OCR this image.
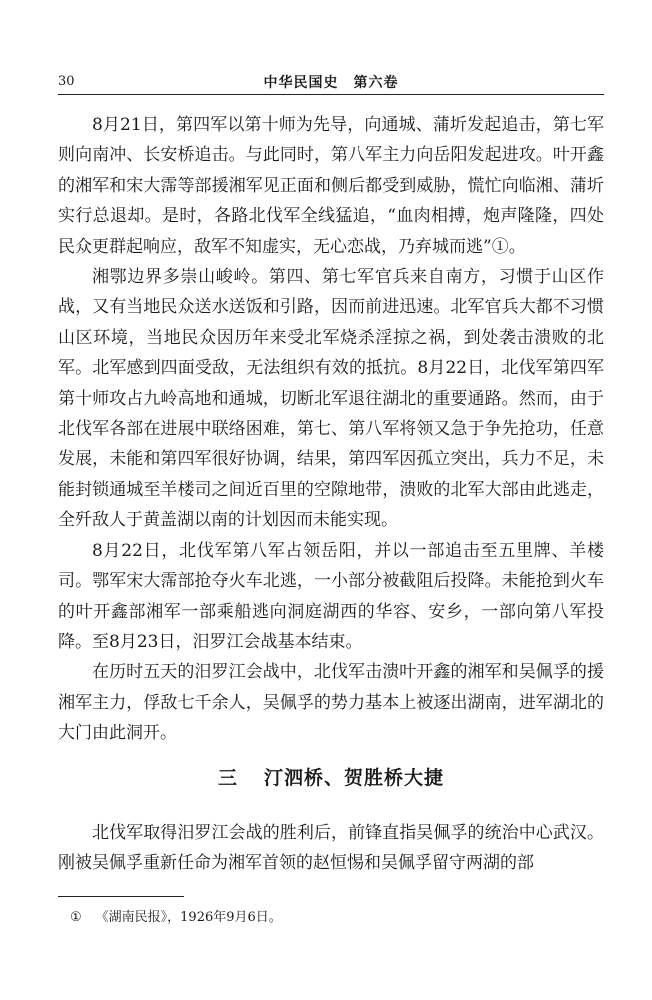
30	中华民国史　第六卷

8月21日，第四军以第十师为先导，向通城、蒲圻发起追击，第七军则向南冲、长安桥追击。与此同时，第八军主力向岳阳发起进攻。叶开鑫的湘军和宋大霈等部援湘军见正面和侧后都受到威胁，慌忙向临湘、蒲圻实行总退却。是时，各路北伐军全线猛追，“血肉相搏，炮声隆隆，四处民众更群起响应，敌军不知虚实，无心恋战，乃弃城而逃”①。

湘鄂边界多崇山峻岭。第四、第七军官兵来自南方，习惯于山区作战，又有当地民众送水送饭和引路，因而前进迅速。北军官兵大都不习惯山区环境，当地民众因历年来受北军烧杀淫掠之祸，到处袭击溃败的北军。北军感到四面受敌，无法组织有效的抵抗。8月22日，北伐军第四军第十师攻占九岭高地和通城，切断北军退往湖北的重要通路。然而，由于北伐军各部在进展中联络困难，第七、第八军将领又急于争先抢功，任意发展，未能和第四军很好协调，结果，第四军因孤立突出，兵力不足，未能封锁通城至羊楼司之间近百里的空隙地带，溃败的北军大部由此逃走，全歼敌人于黄盖湖以南的计划因而未能实现。

8月22日，北伐军第八军占领岳阳，并以一部追击至五里牌、羊楼司。鄂军宋大霈部抢夺火车北逃，一小部分被截阻后投降。未能抢到火车的叶开鑫部湘军一部乘船逃向洞庭湖西的华容、安乡，一部向第八军投降。至8月23日，汨罗江会战基本结束。

在历时五天的汨罗江会战中，北伐军击溃叶开鑫的湘军和吴佩孚的援湘军主力，俘敌七千余人，吴佩孚的势力基本上被逐出湖南，进军湖北的大门由此洞开。

三 汀泗桥、贺胜桥大捷

北伐军取得汨罗江会战的胜利后，前锋直指吴佩孚的统治中心武汉。刚被吴佩孚重新任命为湘军首领的赵恒惕和吴佩孚留守两湖的部

① 《湖南民报》，1926年9月6日。
